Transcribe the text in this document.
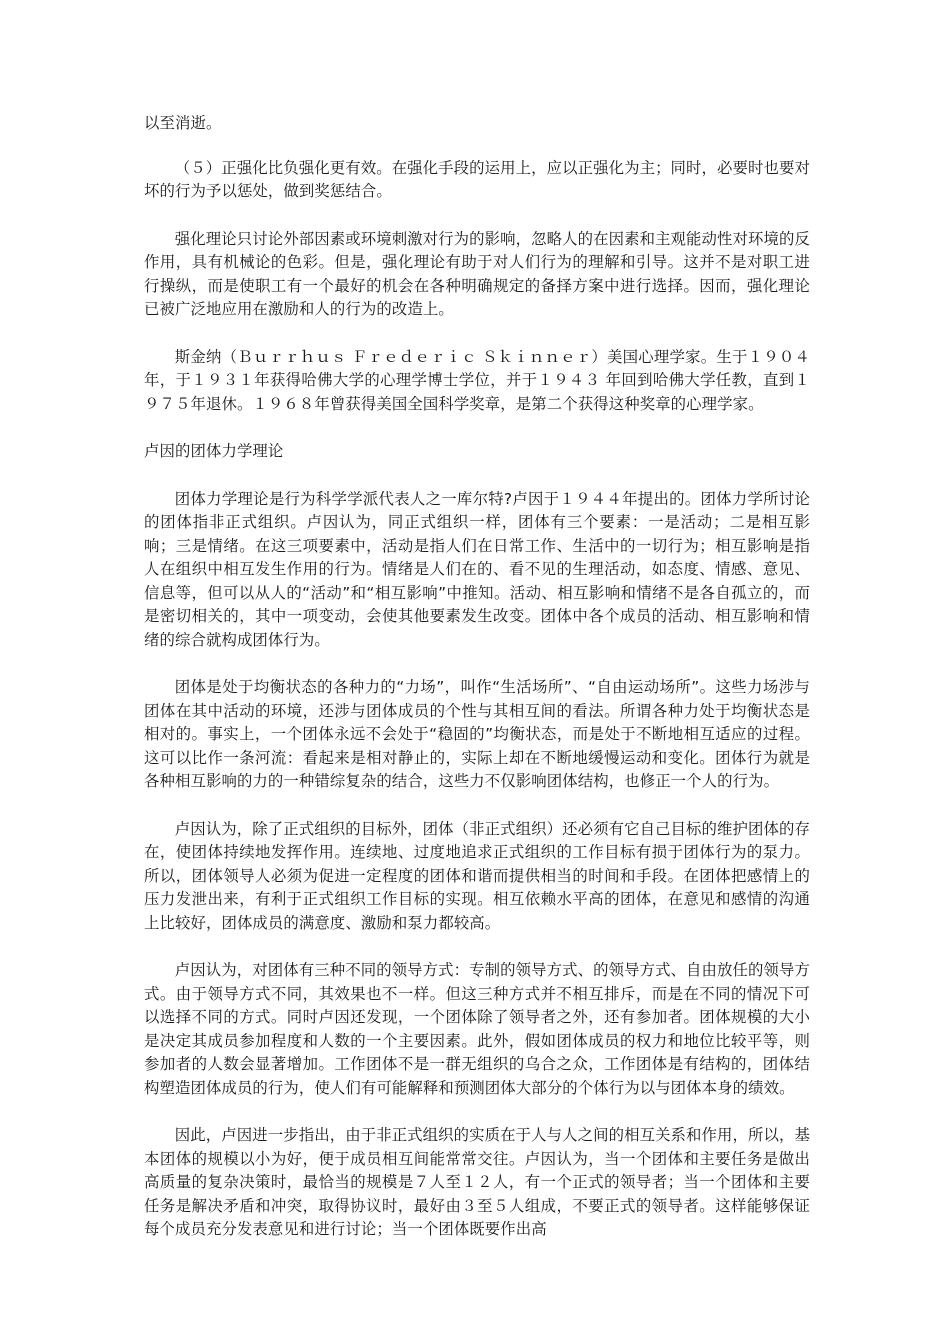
以至消逝。

（５）正强化比负强化更有效。在强化手段的运用上，应以正强化为主；同时，必要时也要对坏的行为予以惩处，做到奖惩结合。

强化理论只讨论外部因素或环境刺激对行为的影响，忽略人的在因素和主观能动性对环境的反作用，具有机械论的色彩。但是，强化理论有助于对人们行为的理解和引导。这并不是对职工进行操纵，而是使职工有一个最好的机会在各种明确规定的备择方案中进行选择。因而，强化理论已被广泛地应用在激励和人的行为的改造上。

斯金纳（Ｂｕｒｒｈｕｓ Ｆｒｅｄｅｒｉｃ Ｓｋｉｎｎｅｒ）美国心理学家。生于１９０４年，于１９３１年获得哈佛大学的心理学博士学位，并于１９４３ 年回到哈佛大学任教，直到１９７５年退休。１９６８年曾获得美国全国科学奖章，是第二个获得这种奖章的心理学家。

卢因的团体力学理论

团体力学理论是行为科学学派代表人之一库尔特?卢因于１９４４年提出的。团体力学所讨论的团体指非正式组织。卢因认为，同正式组织一样，团体有三个要素：一是活动；二是相互影响；三是情绪。在这三项要素中，活动是指人们在日常工作、生活中的一切行为；相互影响是指人在组织中相互发生作用的行为。情绪是人们在的、看不见的生理活动，如态度、情感、意见、信息等，但可以从人的“活动”和“相互影响”中推知。活动、相互影响和情绪不是各自孤立的，而是密切相关的，其中一项变动，会使其他要素发生改变。团体中各个成员的活动、相互影响和情绪的综合就构成团体行为。

团体是处于均衡状态的各种力的“力场”，叫作“生活场所”、“自由运动场所”。这些力场涉与团体在其中活动的环境，还涉与团体成员的个性与其相互间的看法。所谓各种力处于均衡状态是相对的。事实上，一个团体永远不会处于“稳固的”均衡状态，而是处于不断地相互适应的过程。这可以比作一条河流：看起来是相对静止的，实际上却在不断地缓慢运动和变化。团体行为就是各种相互影响的力的一种错综复杂的结合，这些力不仅影响团体结构，也修正一个人的行为。

卢因认为，除了正式组织的目标外，团体（非正式组织）还必须有它自己目标的维护团体的存在，使团体持续地发挥作用。连续地、过度地追求正式组织的工作目标有损于团体行为的泵力。所以，团体领导人必须为促进一定程度的团体和谐而提供相当的时间和手段。在团体把感情上的压力发泄出来，有利于正式组织工作目标的实现。相互依赖水平高的团体，在意见和感情的沟通上比较好，团体成员的满意度、激励和泵力都较高。

卢因认为，对团体有三种不同的领导方式：专制的领导方式、的领导方式、自由放任的领导方式。由于领导方式不同，其效果也不一样。但这三种方式并不相互排斥，而是在不同的情况下可以选择不同的方式。同时卢因还发现，一个团体除了领导者之外，还有参加者。团体规模的大小是决定其成员参加程度和人数的一个主要因素。此外，假如团体成员的权力和地位比较平等，则参加者的人数会显著增加。工作团体不是一群无组织的乌合之众，工作团体是有结构的，团体结构塑造团体成员的行为，使人们有可能解释和预测团体大部分的个体行为以与团体本身的绩效。

因此，卢因进一步指出，由于非正式组织的实质在于人与人之间的相互关系和作用，所以，基本团体的规模以小为好，便于成员相互间能常常交往。卢因认为，当一个团体和主要任务是做出高质量的复杂决策时，最恰当的规模是７人至１２人，有一个正式的领导者；当一个团体和主要任务是解决矛盾和冲突，取得协议时，最好由３至５人组成，不要正式的领导者。这样能够保证每个成员充分发表意见和进行讨论；当一个团体既要作出高
